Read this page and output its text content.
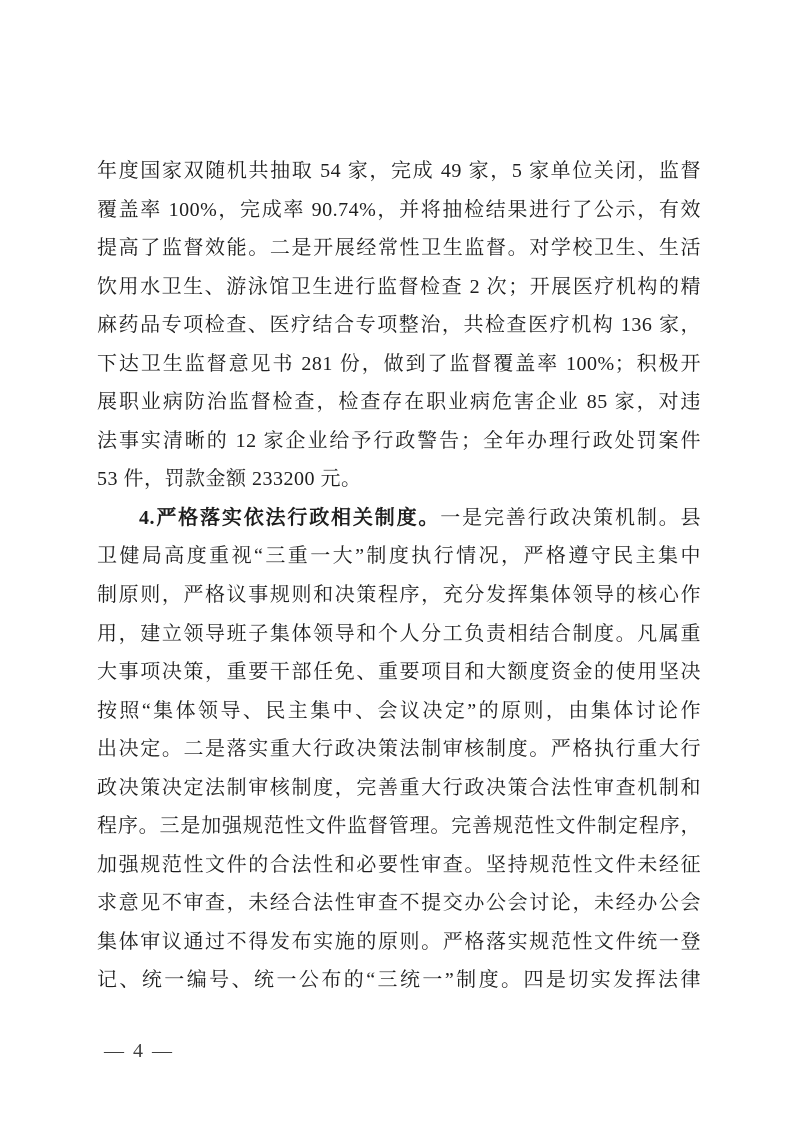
年度国家双随机共抽取 54 家，完成 49 家，5 家单位关闭，监督
覆盖率 100%，完成率 90.74%，并将抽检结果进行了公示，有效
提高了监督效能。二是开展经常性卫生监督。对学校卫生、生活
饮用水卫生、游泳馆卫生进行监督检查 2 次；开展医疗机构的精
麻药品专项检查、医疗结合专项整治，共检查医疗机构 136 家，
下达卫生监督意见书 281 份，做到了监督覆盖率 100%；积极开
展职业病防治监督检查，检查存在职业病危害企业 85 家，对违
法事实清晰的 12 家企业给予行政警告；全年办理行政处罚案件
53 件，罚款金额 233200 元。
4.严格落实依法行政相关制度。一是完善行政决策机制。县
卫健局高度重视“三重一大”制度执行情况，严格遵守民主集中
制原则，严格议事规则和决策程序，充分发挥集体领导的核心作
用，建立领导班子集体领导和个人分工负责相结合制度。凡属重
大事项决策，重要干部任免、重要项目和大额度资金的使用坚决
按照“集体领导、民主集中、会议决定”的原则，由集体讨论作
出决定。二是落实重大行政决策法制审核制度。严格执行重大行
政决策决定法制审核制度，完善重大行政决策合法性审查机制和
程序。三是加强规范性文件监督管理。完善规范性文件制定程序，
加强规范性文件的合法性和必要性审查。坚持规范性文件未经征
求意见不审查，未经合法性审查不提交办公会讨论，未经办公会
集体审议通过不得发布实施的原则。严格落实规范性文件统一登
记、统一编号、统一公布的“三统一”制度。四是切实发挥法律
— 4 —
